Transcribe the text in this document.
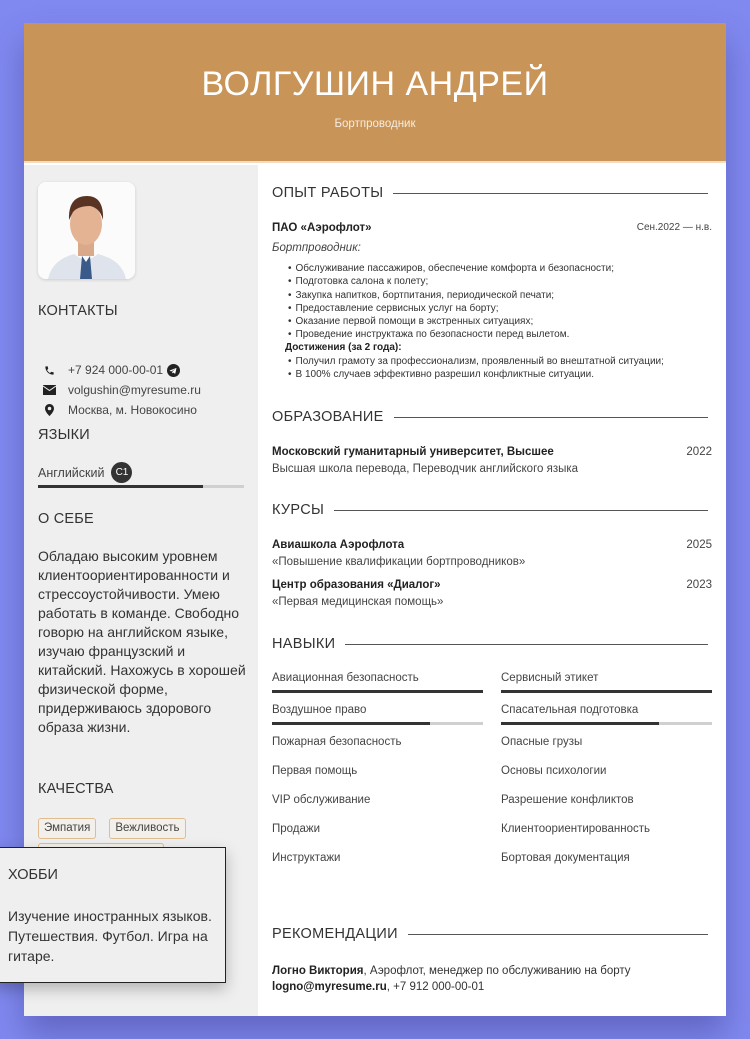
ВОЛГУШИН АНДРЕЙ
Бортпроводник
КОНТАКТЫ
+7 924 000-00-01
volgushin@myresume.ru
Москва, м. Новокосино
ЯЗЫКИ
Английский	C1
О СЕБЕ
Обладаю высоким уровнем клиентоориентированности и стрессоустойчивости. Умею работать в команде. Свободно говорю на английском языке, изучаю французский и китайский. Нахожусь в хорошей физической форме, придерживаюсь здорового образа жизни.
КАЧЕСТВА
Эмпатия	Вежливость
ОПЫТ РАБОТЫ
ПАО «Аэрофлот»	Сен.2022 — н.в.
Бортпроводник:
• Обслуживание пассажиров, обеспечение комфорта и безопасности;
• Подготовка салона к полету;
• Закупка напитков, бортпитания, периодической печати;
• Предоставление сервисных услуг на борту;
• Оказание первой помощи в экстренных ситуациях;
• Проведение инструктажа по безопасности перед вылетом.
Достижения (за 2 года):
• Получил грамоту за профессионализм, проявленный во внештатной ситуации;
• В 100% случаев эффективно разрешил конфликтные ситуации.
ОБРАЗОВАНИЕ
Московский гуманитарный университет, Высшее	2022
Высшая школа перевода, Переводчик английского языка
КУРСЫ
Авиашкола Аэрофлота	2025
«Повышение квалификации бортпроводников»
Центр образования «Диалог»	2023
«Первая медицинская помощь»
НАВЫКИ
Авиационная безопасность	Сервисный этикет
Воздушное право	Спасательная подготовка
Пожарная безопасность	Опасные грузы
Первая помощь	Основы психологии
VIP обслуживание	Разрешение конфликтов
Продажи	Клиентоориентированность
Инструктажи	Бортовая документация
РЕКОМЕНДАЦИИ
Логно Виктория, Аэрофлот, менеджер по обслуживанию на борту
logno@myresume.ru, +7 912 000-00-01
ХОББИ
Изучение иностранных языков. Путешествия. Футбол. Игра на гитаре.
